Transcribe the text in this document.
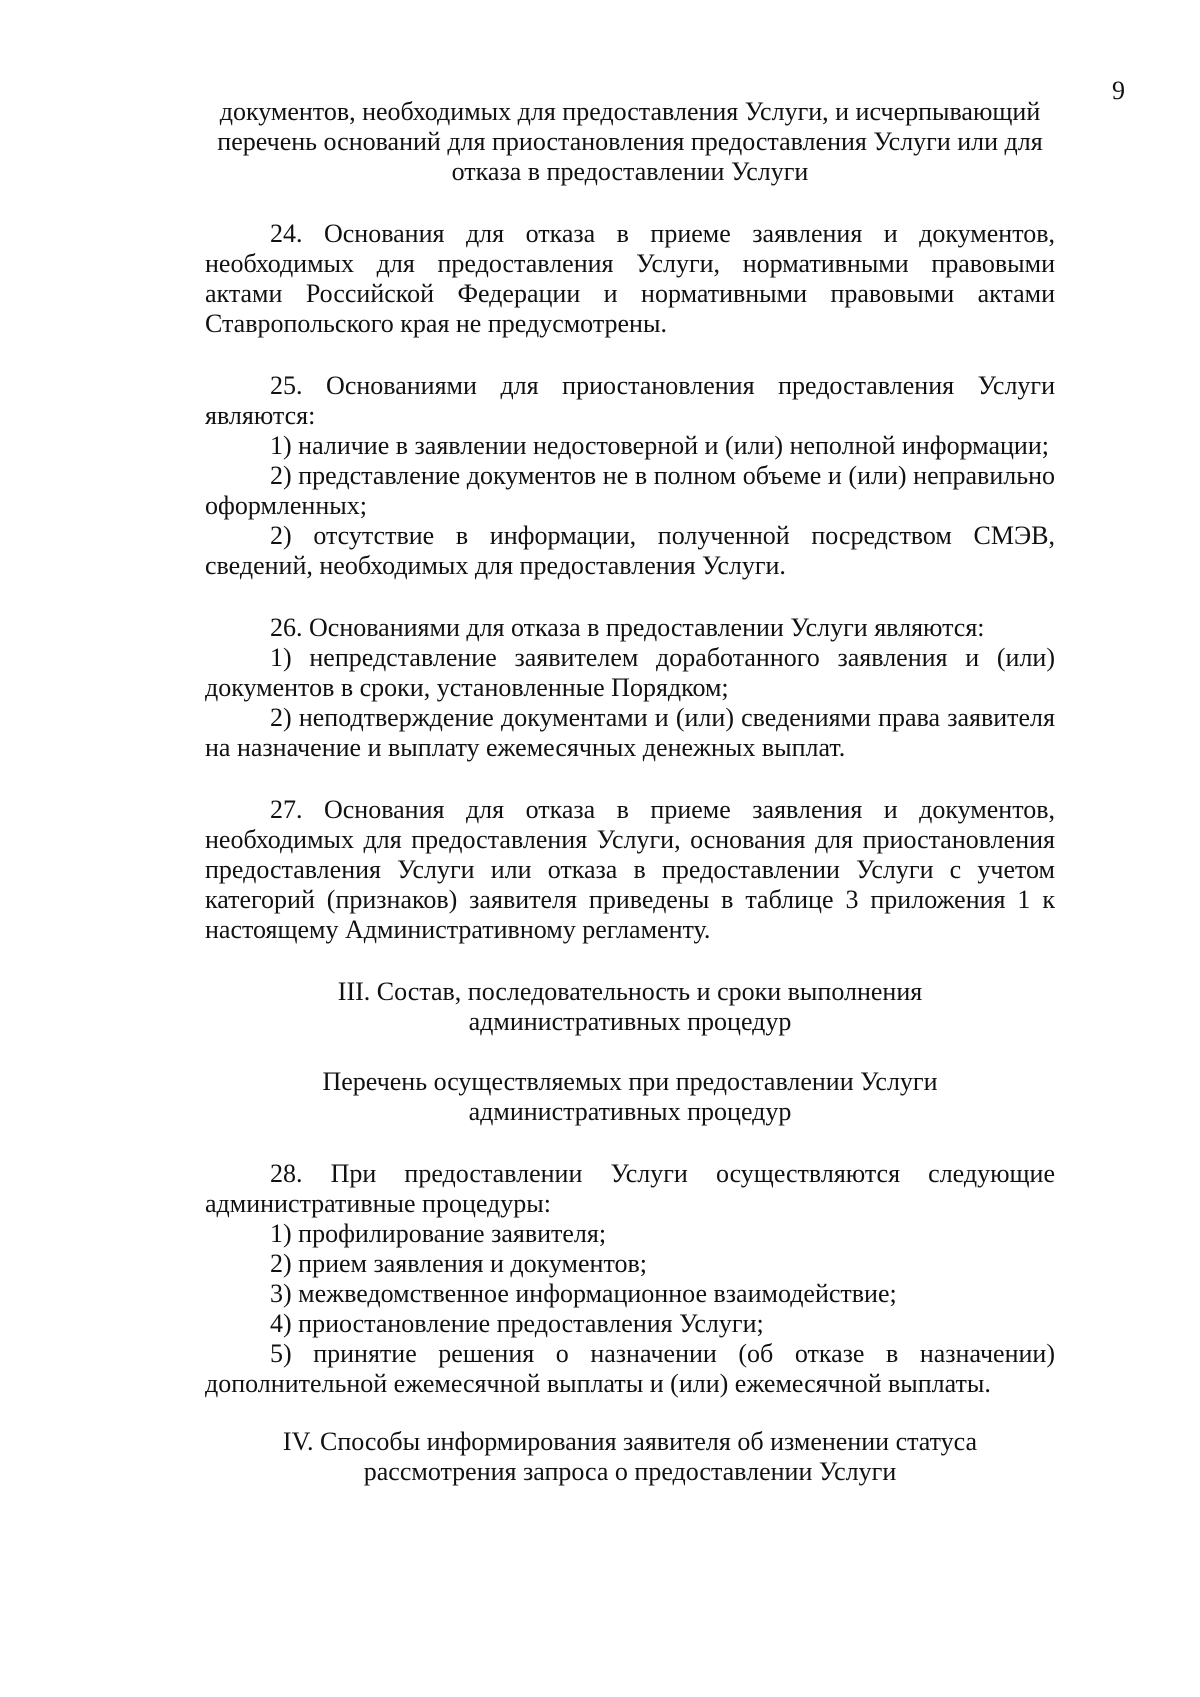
9
документов, необходимых для предоставления Услуги, и исчерпывающий
перечень оснований для приостановления предоставления Услуги или для
отказа в предоставлении Услуги

24. Основания для отказа в приеме заявления и документов, необходимых для предоставления Услуги, нормативными правовыми актами Российской Федерации и нормативными правовыми актами Ставропольского края не предусмотрены.

25. Основаниями для приостановления предоставления Услуги являются:

1) наличие в заявлении недостоверной и (или) неполной информации;

2) представление документов не в полном объеме и (или) неправильно оформленных;

2) отсутствие в информации, полученной посредством СМЭВ, сведений, необходимых для предоставления Услуги.

26. Основаниями для отказа в предоставлении Услуги являются:

1) непредставление заявителем доработанного заявления и (или) документов в сроки, установленные Порядком;

2) неподтверждение документами и (или) сведениями права заявителя на назначение и выплату ежемесячных денежных выплат.

27. Основания для отказа в приеме заявления и документов, необходимых для предоставления Услуги, основания для приостановления предоставления Услуги или отказа в предоставлении Услуги с учетом категорий (признаков) заявителя приведены в таблице 3 приложения 1 к настоящему Административному регламенту.

III. Состав, последовательность и сроки выполнения
административных процедур
Перечень осуществляемых при предоставлении Услуги
административных процедур

28. При предоставлении Услуги осуществляются следующие административные процедуры:

1) профилирование заявителя;

2) прием заявления и документов;

3) межведомственное информационное взаимодействие;

4) приостановление предоставления Услуги;

5) принятие решения о назначении (об отказе в назначении) дополнительной ежемесячной выплаты и (или) ежемесячной выплаты.

IV. Способы информирования заявителя об изменении статуса
рассмотрения запроса о предоставлении Услуги
